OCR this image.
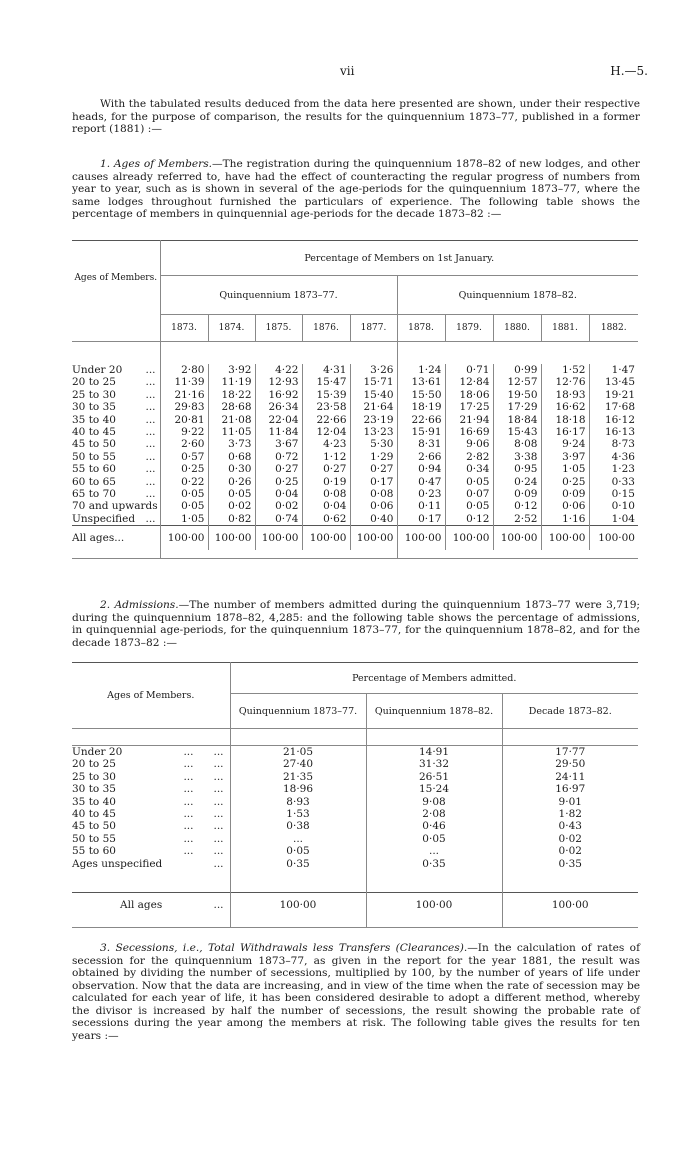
vii	H.—5.
With the tabulated results deduced from the data here presented are shown, under their respective heads, for the purpose of comparison, the results for the quinquennium 1873–77, published in a former report (1881) :—
1. Ages of Members.—The registration during the quinquennium 1878–82 of new lodges, and other causes already referred to, have had the effect of counteracting the regular progress of numbers from year to year, such as is shown in several of the age-periods for the quinquennium 1873–77, where the same lodges throughout furnished the particulars of experience. The following table shows the percentage of members in quinquennial age-periods for the decade 1873–82 :—
Ages of Members.	Percentage of Members on 1st January.									
	Quinquennium 1873–77.					Quinquennium 1878–82.				
	1873.	1874.	1875.	1876.	1877.	1878.	1879.	1880.	1881.	1882.

Under 20 ...	2·80	3·92	4·22	4·31	3·26	1·24	0·71	0·99	1·52	1·47
20 to 25 ...	11·39	11·19	12·93	15·47	15·71	13·61	12·84	12·57	12·76	13·45
25 to 30 ...	21·16	18·22	16·92	15·39	15·40	15·50	18·06	19·50	18·93	19·21
30 to 35 ...	29·83	28·68	26·34	23·58	21·64	18·19	17·25	17·29	16·62	17·68
35 to 40 ...	20·81	21·08	22·04	22·66	23·19	22·66	21·94	18·84	18·18	16·12
40 to 45 ...	9·22	11·05	11·84	12·04	13·23	15·91	16·69	15·43	16·17	16·13
45 to 50 ...	2·60	3·73	3·67	4·23	5·30	8·31	9·06	8·08	9·24	8·73
50 to 55 ...	0·57	0·68	0·72	1·12	1·29	2·66	2·82	3·38	3·97	4·36
55 to 60 ...	0·25	0·30	0·27	0·27	0·27	0·94	0·34	0·95	1·05	1·23
60 to 65 ...	0·22	0·26	0·25	0·19	0·17	0·47	0·05	0·24	0·25	0·33
65 to 70 ...	0·05	0·05	0·04	0·08	0·08	0·23	0·07	0·09	0·09	0·15
70 and upwards	0·05	0·02	0·02	0·04	0·06	0·11	0·05	0·12	0·06	0·10
Unspecified ...	1·05	0·82	0·74	0·62	0·40	0·17	0·12	2·52	1·16	1·04
All ages...	100·00	100·00	100·00	100·00	100·00	100·00	100·00	100·00	100·00	100·00

2. Admissions.—The number of members admitted during the quinquennium 1873–77 were 3,719; during the quinquennium 1878–82, 4,285: and the following table shows the percentage of admissions, in quinquennial age-periods, for the quinquennium 1873–77, for the quinquennium 1878–82, and for the decade 1873–82 :—
Ages of Members.	Percentage of Members admitted.		
	Quinquennium 1873–77.	Quinquennium 1878–82.	Decade 1873–82.

Under 20 ...      ...	21·05	14·91	17·77
20 to 25 ...      ...	27·40	31·32	29·50
25 to 30 ...      ...	21·35	26·51	24·11
30 to 35 ...      ...	18·96	15·24	16·97
35 to 40 ...      ...	8·93	9·08	9·01
40 to 45 ...      ...	1·53	2·08	1·82
45 to 50 ...      ...	0·38	0·46	0·43
50 to 55 ...      ...	...	0·05	0·02
55 to 60 ...      ...	0·05	...	0·02
Ages unspecified ...	0·35	0·35	0·35

All ages ...	100·00	100·00	100·00

3. Secessions, i.e., Total Withdrawals less Transfers (Clearances).—In the calculation of rates of secession for the quinquennium 1873–77, as given in the report for the year 1881, the result was obtained by dividing the number of secessions, multiplied by 100, by the number of years of life under observation. Now that the data are increasing, and in view of the time when the rate of secession may be calculated for each year of life, it has been considered desirable to adopt a different method, whereby the divisor is increased by half the number of secessions, the result showing the probable rate of secessions during the year among the members at risk. The following table gives the results for ten years :—
